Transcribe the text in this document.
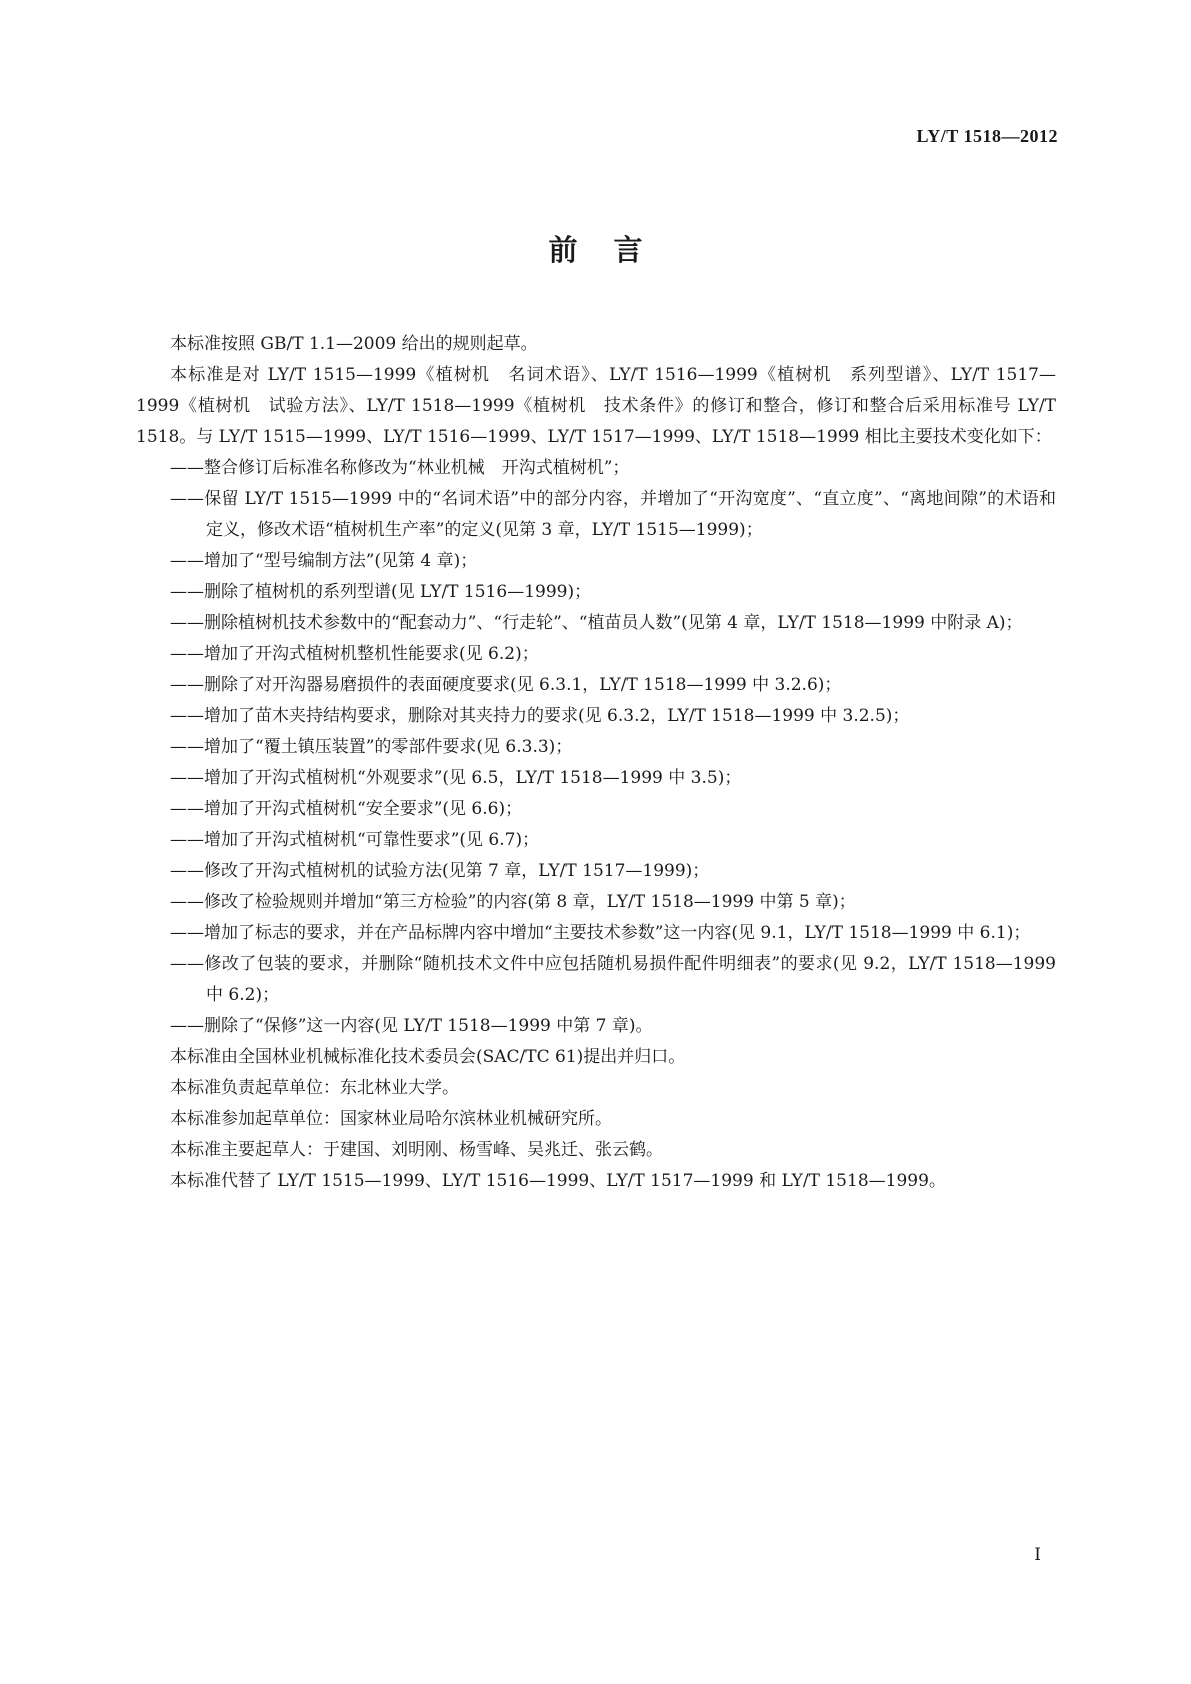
LY/T 1518—2012
前言

本标准按照 GB/T 1.1—2009 给出的规则起草。

本标准是对 LY/T 1515—1999《植树机　名词术语》、LY/T 1516—1999《植树机　系列型谱》、LY/T 1517—1999《植树机　试验方法》、LY/T 1518—1999《植树机　技术条件》的修订和整合，修订和整合后采用标准号 LY/T 1518。与 LY/T 1515—1999、LY/T 1516—1999、LY/T 1517—1999、LY/T 1518—1999 相比主要技术变化如下：

——整合修订后标准名称修改为“林业机械　开沟式植树机”；

——保留 LY/T 1515—1999 中的“名词术语”中的部分内容，并增加了“开沟宽度”、“直立度”、“离地间隙”的术语和定义，修改术语“植树机生产率”的定义(见第 3 章，LY/T 1515—1999)；

——增加了“型号编制方法”(见第 4 章)；

——删除了植树机的系列型谱(见 LY/T 1516—1999)；

——删除植树机技术参数中的“配套动力”、“行走轮”、“植苗员人数”(见第 4 章，LY/T 1518—1999 中附录 A)；

——增加了开沟式植树机整机性能要求(见 6.2)；

——删除了对开沟器易磨损件的表面硬度要求(见 6.3.1，LY/T 1518—1999 中 3.2.6)；

——增加了苗木夹持结构要求，删除对其夹持力的要求(见 6.3.2，LY/T 1518—1999 中 3.2.5)；

——增加了“覆土镇压装置”的零部件要求(见 6.3.3)；

——增加了开沟式植树机“外观要求”(见 6.5，LY/T 1518—1999 中 3.5)；

——增加了开沟式植树机“安全要求”(见 6.6)；

——增加了开沟式植树机“可靠性要求”(见 6.7)；

——修改了开沟式植树机的试验方法(见第 7 章，LY/T 1517—1999)；

——修改了检验规则并增加“第三方检验”的内容(第 8 章，LY/T 1518—1999 中第 5 章)；

——增加了标志的要求，并在产品标牌内容中增加“主要技术参数”这一内容(见 9.1，LY/T 1518—1999 中 6.1)；

——修改了包装的要求，并删除“随机技术文件中应包括随机易损件配件明细表”的要求(见 9.2，LY/T 1518—1999 中 6.2)；

——删除了“保修”这一内容(见 LY/T 1518—1999 中第 7 章)。

本标准由全国林业机械标准化技术委员会(SAC/TC 61)提出并归口。

本标准负责起草单位：东北林业大学。

本标准参加起草单位：国家林业局哈尔滨林业机械研究所。

本标准主要起草人：于建国、刘明刚、杨雪峰、吴兆迁、张云鹤。

本标准代替了 LY/T 1515—1999、LY/T 1516—1999、LY/T 1517—1999 和 LY/T 1518—1999。

I
